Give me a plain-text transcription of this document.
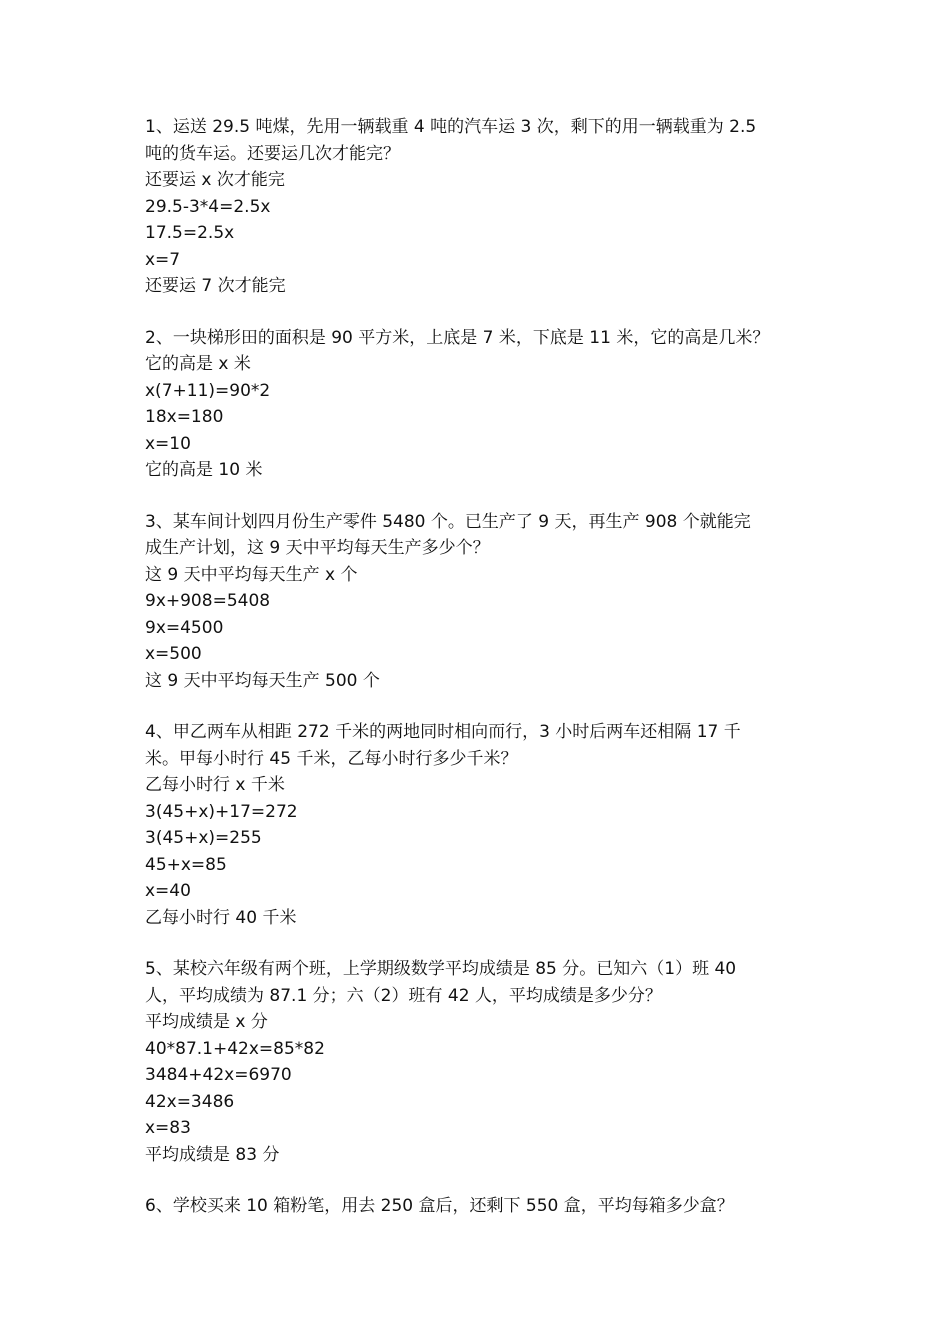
1、运送 29.5 吨煤，先用一辆载重 4 吨的汽车运 3 次，剩下的用一辆载重为 2.5

吨的货车运。还要运几次才能完？

还要运 x 次才能完

29.5-3*4=2.5x

17.5=2.5x

x=7

还要运 7 次才能完

2、一块梯形田的面积是 90 平方米，上底是 7 米，下底是 11 米，它的高是几米？

它的高是 x 米

x(7+11)=90*2

18x=180

x=10

它的高是 10 米

3、某车间计划四月份生产零件 5480 个。已生产了 9 天，再生产 908 个就能完

成生产计划，这 9 天中平均每天生产多少个？

这 9 天中平均每天生产 x 个

9x+908=5408

9x=4500

x=500

这 9 天中平均每天生产 500 个

4、甲乙两车从相距 272 千米的两地同时相向而行，3 小时后两车还相隔 17 千

米。甲每小时行 45 千米，乙每小时行多少千米？

乙每小时行 x 千米

3(45+x)+17=272

3(45+x)=255

45+x=85

x=40

乙每小时行 40 千米

5、某校六年级有两个班，上学期级数学平均成绩是 85 分。已知六（1）班 40

人，平均成绩为 87.1 分；六（2）班有 42 人，平均成绩是多少分？

平均成绩是 x 分

40*87.1+42x=85*82

3484+42x=6970

42x=3486

x=83

平均成绩是 83 分

6、学校买来 10 箱粉笔，用去 250 盒后，还剩下 550 盒，平均每箱多少盒？
